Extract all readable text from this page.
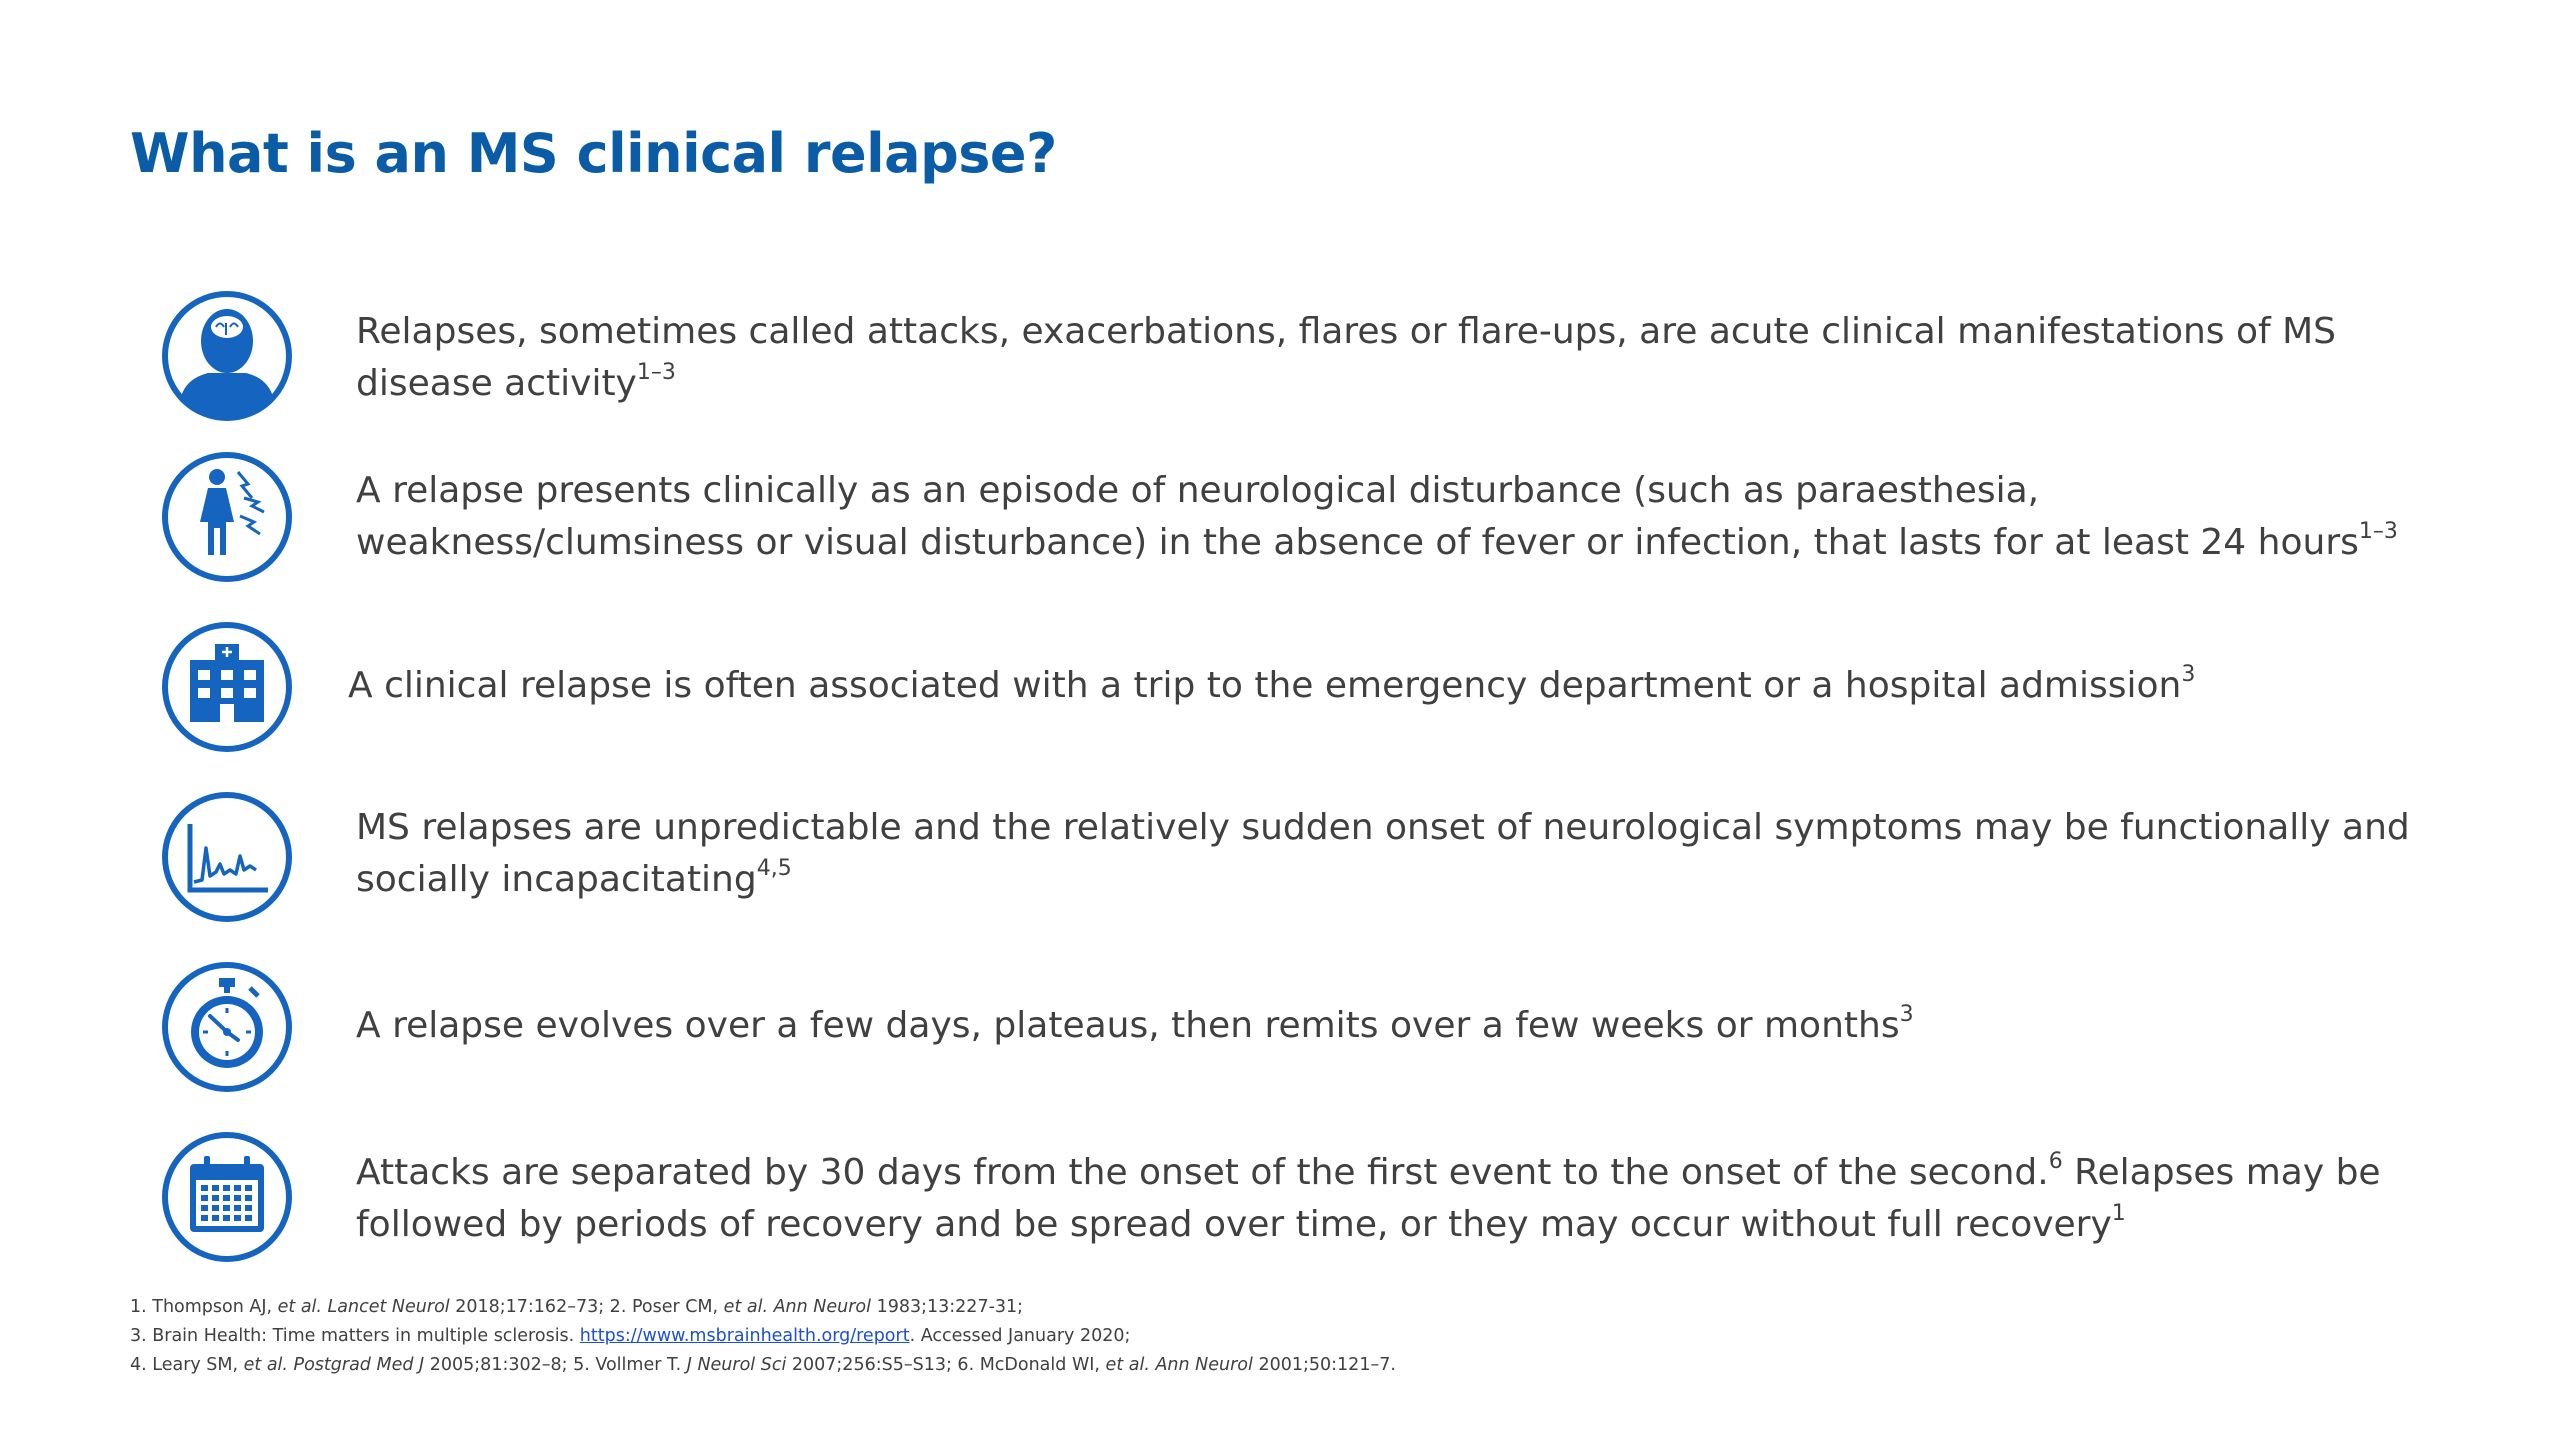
What is an MS clinical relapse?
Relapses, sometimes called attacks, exacerbations, flares or flare-ups, are acute clinical manifestations of MS disease activity$^{1-3}$
A relapse presents clinically as an episode of neurological disturbance (such as paraesthesia, weakness/clumsiness or visual disturbance) in the absence of fever or infection, that lasts for at least 24 hours$^{1-3}$
A clinical relapse is often associated with a trip to the emergency department or a hospital admission$^3$
MS relapses are unpredictable and the relatively sudden onset of neurological symptoms may be functionally and socially incapacitating$^{4,5}$
A relapse evolves over a few days, plateaus, then remits over a few weeks or months$^3$
Attacks are separated by 30 days from the onset of the first event to the onset of the second.$^6$ Relapses may be followed by periods of recovery and be spread over time, or they may occur without full recovery$^1$
1. Thompson AJ, et al. Lancet Neurol 2018;17:162–73; 2. Poser CM, et al. Ann Neurol 1983;13:227-31;
3. Brain Health: Time matters in multiple sclerosis. https://www.msbrainhealth.org/report. Accessed January 2020;
4. Leary SM, et al. Postgrad Med J 2005;81:302–8; 5. Vollmer T. J Neurol Sci 2007;256:S5–S13; 6. McDonald WI, et al. Ann Neurol 2001;50:121–7.
